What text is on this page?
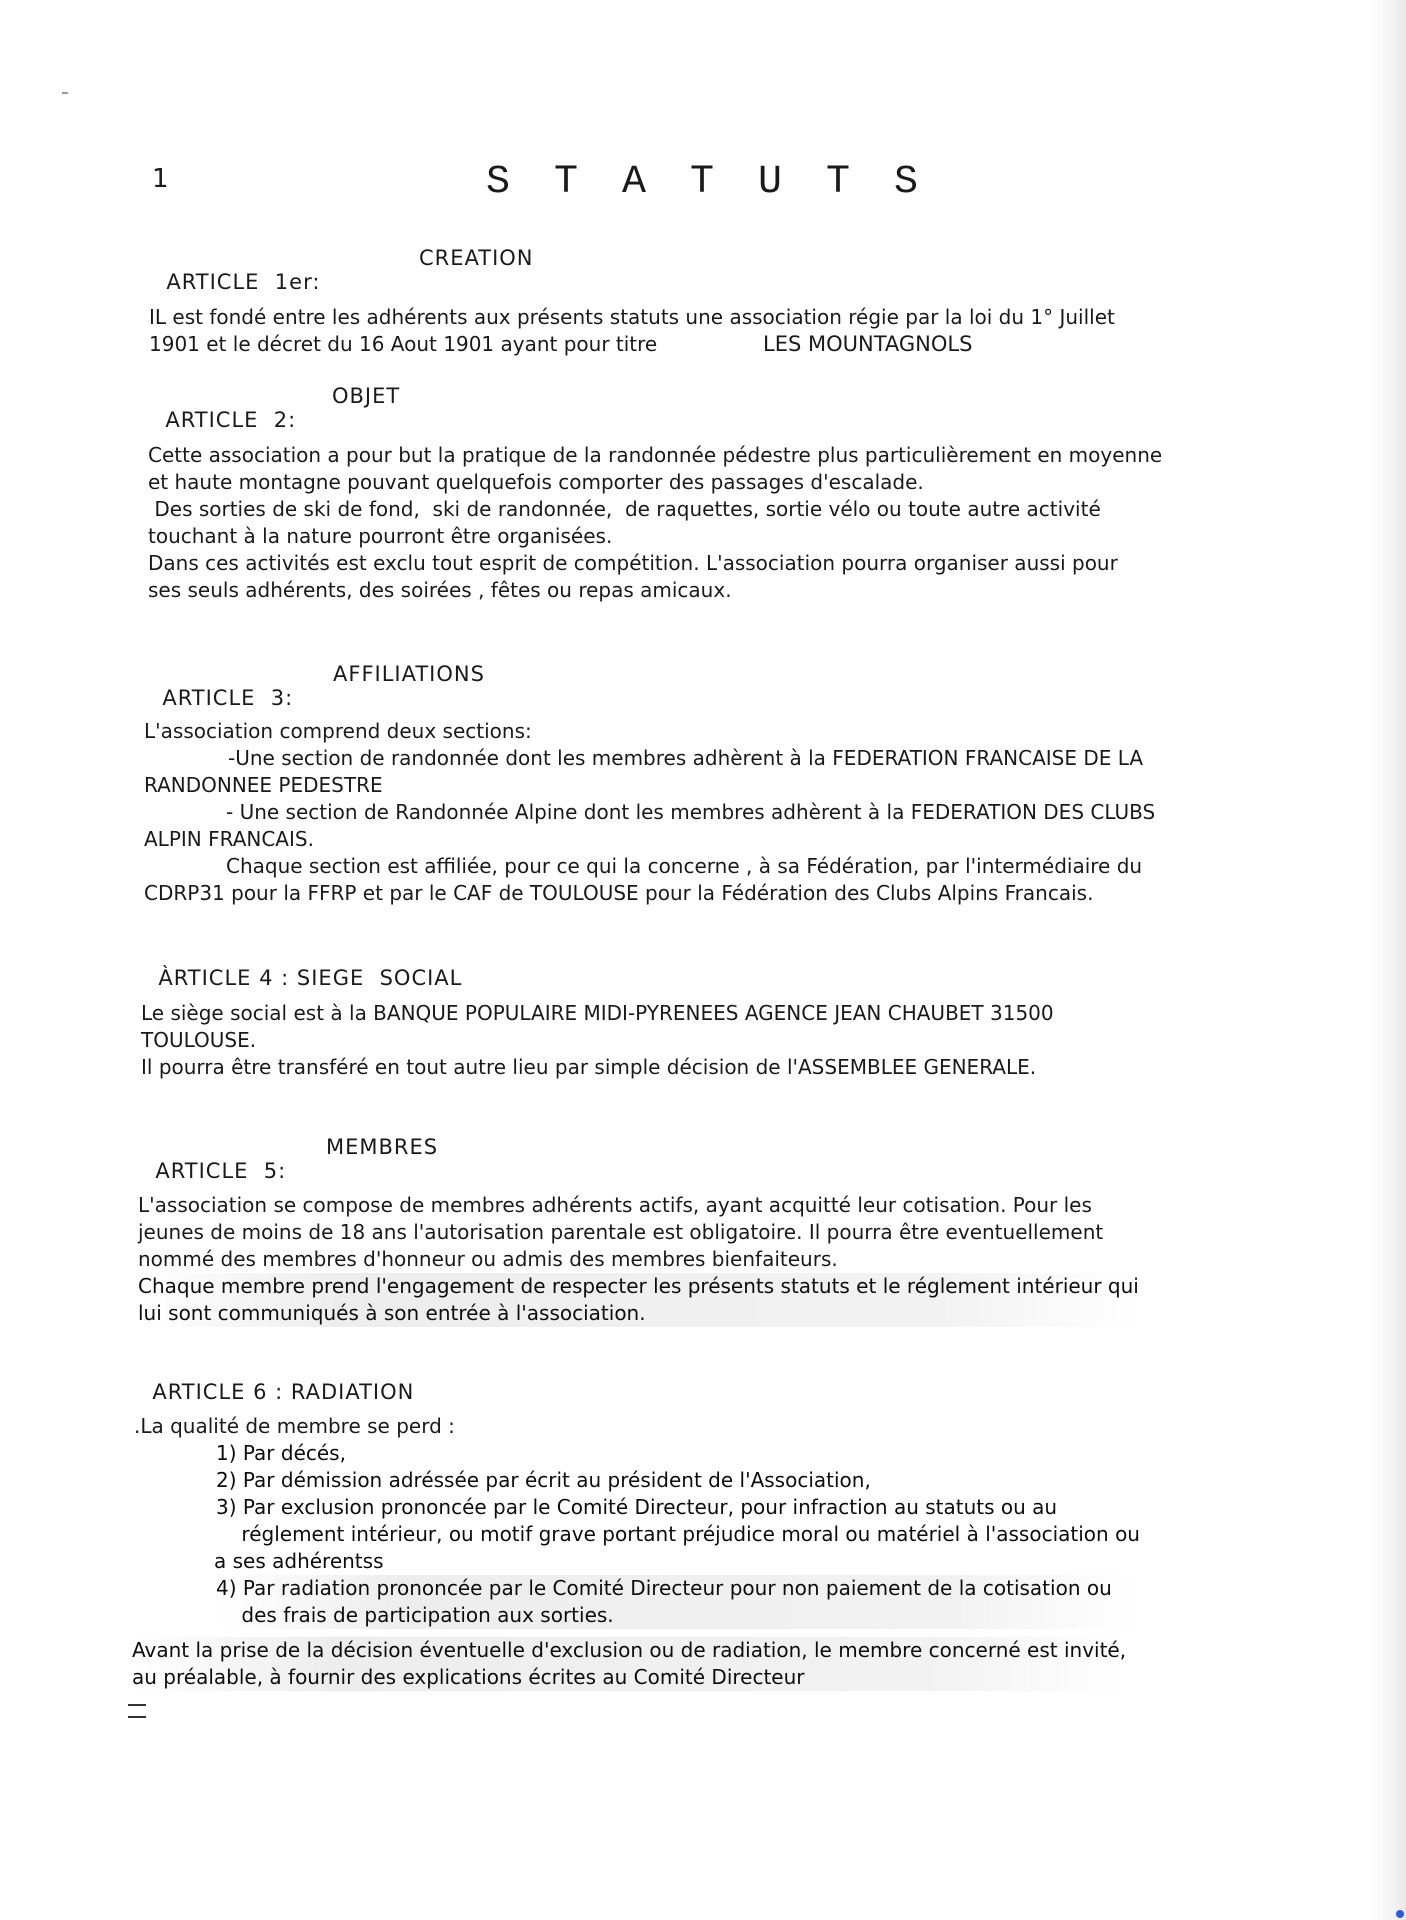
1	STATUTS

ARTICLE  1er:

CREATION

IL est fondé entre les adhérents aux présents statuts une association régie par la loi du 1° Juillet
1901 et le décret du 16 Aout 1901 ayant pour titre	LES MOUNTAGNOLS

ARTICLE  2:

OBJET

Cette association a pour but la pratique de la randonnée pédestre plus particulièrement en moyenne
et haute montagne pouvant quelquefois comporter des passages d'escalade.
Des sorties de ski de fond,  ski de randonnée,  de raquettes, sortie vélo ou toute autre activité
touchant à la nature pourront être organisées.
Dans ces activités est exclu tout esprit de compétition. L'association pourra organiser aussi pour
ses seuls adhérents, des soirées , fêtes ou repas amicaux.

ARTICLE  3:

AFFILIATIONS

L'association comprend deux sections:
-Une section de randonnée dont les membres adhèrent à la FEDERATION FRANCAISE DE LA
RANDONNEE PEDESTRE
- Une section de Randonnée Alpine dont les membres adhèrent à la FEDERATION DES CLUBS
ALPIN FRANCAIS.
Chaque section est affiliée, pour ce qui la concerne , à sa Fédération, par l'intermédiaire du
CDRP31 pour la FFRP et par le CAF de TOULOUSE pour la Fédération des Clubs Alpins Francais.

ÀRTICLE 4 : SIEGE  SOCIAL

Le siège social est à la BANQUE POPULAIRE MIDI-PYRENEES AGENCE JEAN CHAUBET 31500
TOULOUSE.
Il pourra être transféré en tout autre lieu par simple décision de l'ASSEMBLEE GENERALE.

ARTICLE  5:

MEMBRES

L'association se compose de membres adhérents actifs, ayant acquitté leur cotisation. Pour les
jeunes de moins de 18 ans l'autorisation parentale est obligatoire. Il pourra être eventuellement
nommé des membres d'honneur ou admis des membres bienfaiteurs.
Chaque membre prend l'engagement de respecter les présents statuts et le réglement intérieur qui
lui sont communiqués à son entrée à l'association.

ARTICLE 6 : RADIATION

.La qualité de membre se perd :
1) Par décés,
2) Par démission adréssée par écrit au président de l'Association,
3) Par exclusion prononcée par le Comité Directeur, pour infraction au statuts ou au
réglement intérieur, ou motif grave portant préjudice moral ou matériel à l'association ou
a ses adhérentss
4) Par radiation prononcée par le Comité Directeur pour non paiement de la cotisation ou
des frais de participation aux sorties.
Avant la prise de la décision éventuelle d'exclusion ou de radiation, le membre concerné est invité,
au préalable, à fournir des explications écrites au Comité Directeur
